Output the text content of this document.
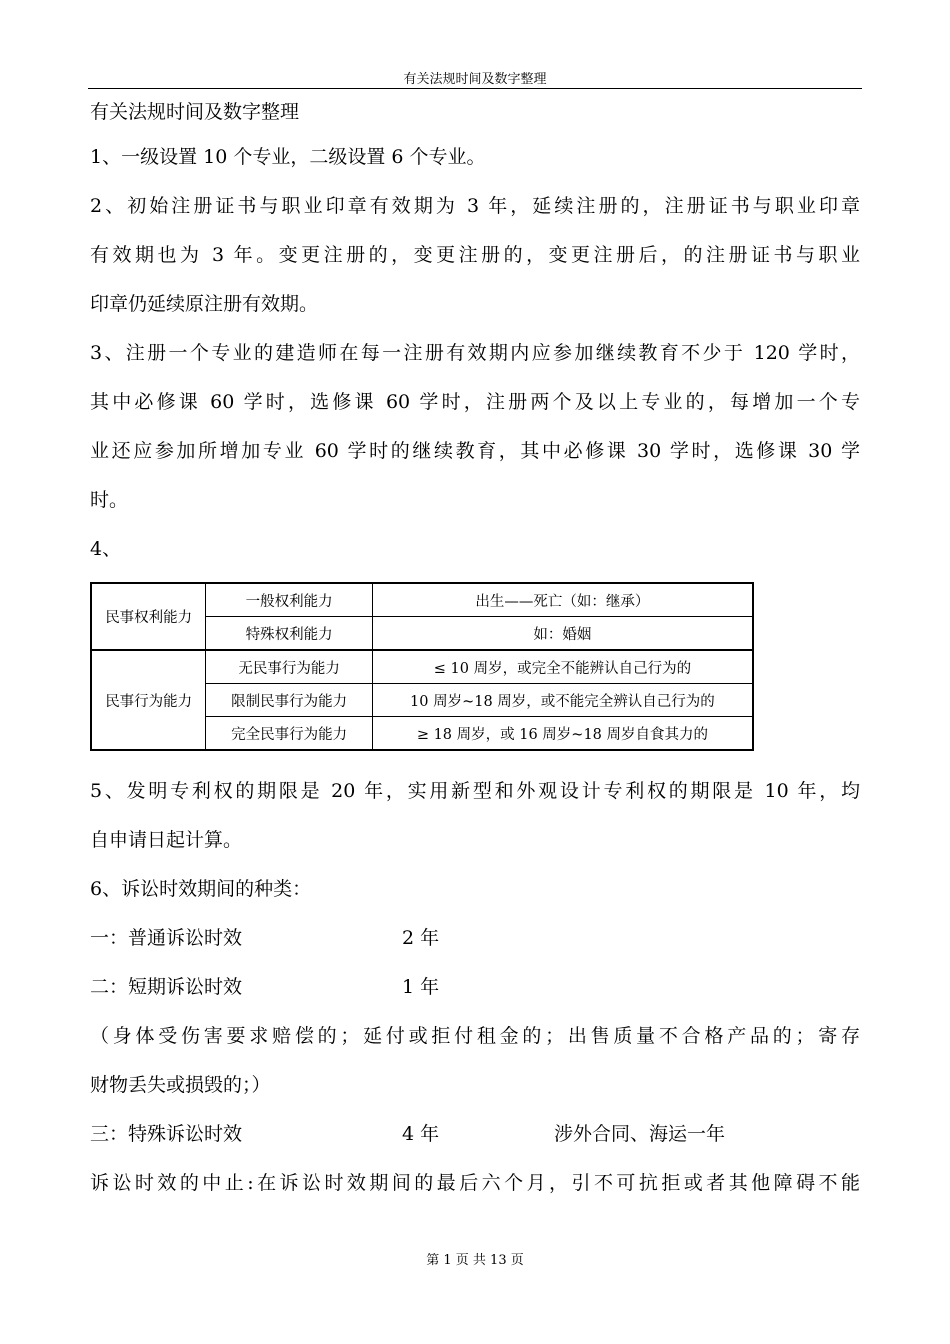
有关法规时间及数字整理
有关法规时间及数字整理
1、一级设置 10 个专业，二级设置 6 个专业。
2、初始注册证书与职业印章有效期为 3 年，延续注册的，注册证书与职业印章
有效期也为 3 年。变更注册的，变更注册的，变更注册后，的注册证书与职业
印章仍延续原注册有效期。
3、注册一个专业的建造师在每一注册有效期内应参加继续教育不少于 120 学时，
其中必修课 60 学时，选修课 60 学时，注册两个及以上专业的，每增加一个专
业还应参加所增加专业 60 学时的继续教育，其中必修课 30 学时，选修课 30 学
时。
4、
民事权利能力	一般权利能力	出生——死亡（如：继承）
	特殊权利能力	如：婚姻
民事行为能力	无民事行为能力	≤ 10 周岁，或完全不能辨认自己行为的
	限制民事行为能力	10 周岁~18 周岁，或不能完全辨认自己行为的
	完全民事行为能力	≥ 18 周岁，或 16 周岁~18 周岁自食其力的
5、发明专利权的期限是 20 年，实用新型和外观设计专利权的期限是 10 年，均
自申请日起计算。
6、诉讼时效期间的种类：
一：普通诉讼时效	2 年
二：短期诉讼时效	1 年
（身体受伤害要求赔偿的；延付或拒付租金的；出售质量不合格产品的；寄存
财物丢失或损毁的；）
三：特殊诉讼时效	4 年	涉外合同、海运一年
诉讼时效的中止:在诉讼时效期间的最后六个月，引不可抗拒或者其他障碍不能
第 1 页 共 13 页
